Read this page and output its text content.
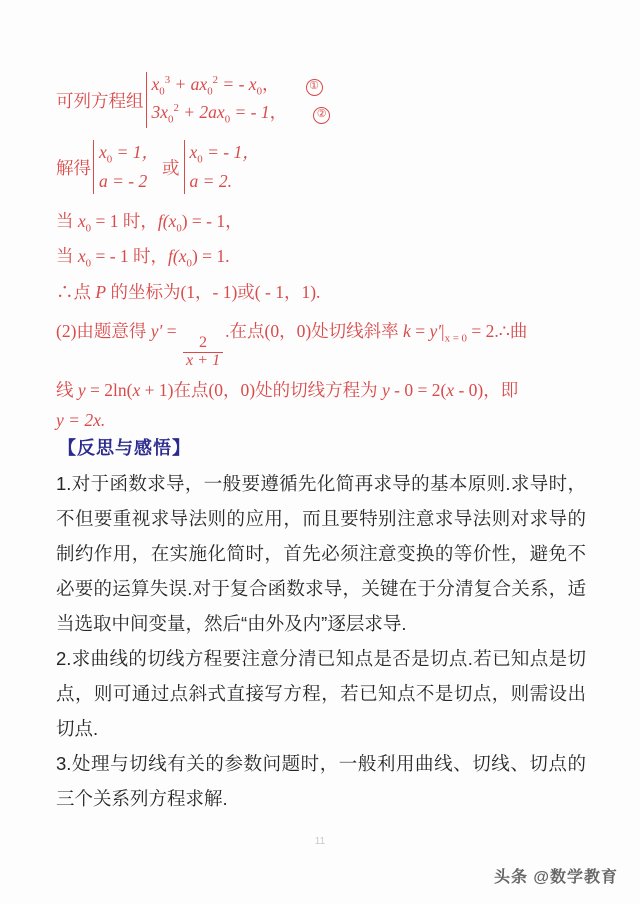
可列方程组
$x_0^3 + ax_0^2$ = - $x_0$，	①
$3x_0^2 + 2ax_0$ = - 1，	②
解得
$x_0 = 1$，
a = - 2
或
$x_0$ = - 1，
a = 2.
当 $x_0 = 1$ 时，$f(x_0)$ = - 1，
当 $x_0$ = - 1 时，$f(x_0) = 1$.
∴点 P 的坐标为(1，- 1)或( - 1，1).
(2)由题意得 y′ =
$\frac{2}{x + 1}$
.在点(0，0)处切线斜率 $k = y'|_{x = 0}$ = 2.∴曲
线 y = 2ln(x + 1)在点(0，0)处的切线方程为 y - 0 = 2(x - 0)，即
y = 2x.
【反思与感悟】

1.对于函数求导，一般要遵循先化简再求导的基本原则.求导时，不但要重视求导法则的应用，而且要特别注意求导法则对求导的制约作用，在实施化简时，首先必须注意变换的等价性，避免不必要的运算失误.对于复合函数求导，关键在于分清复合关系，适当选取中间变量，然后“由外及内”逐层求导.

2.求曲线的切线方程要注意分清已知点是否是切点.若已知点是切点，则可通过点斜式直接写方程，若已知点不是切点，则需设出切点.

3.处理与切线有关的参数问题时，一般利用曲线、切线、切点的三个关系列方程求解.

11
头条 @数学教育
